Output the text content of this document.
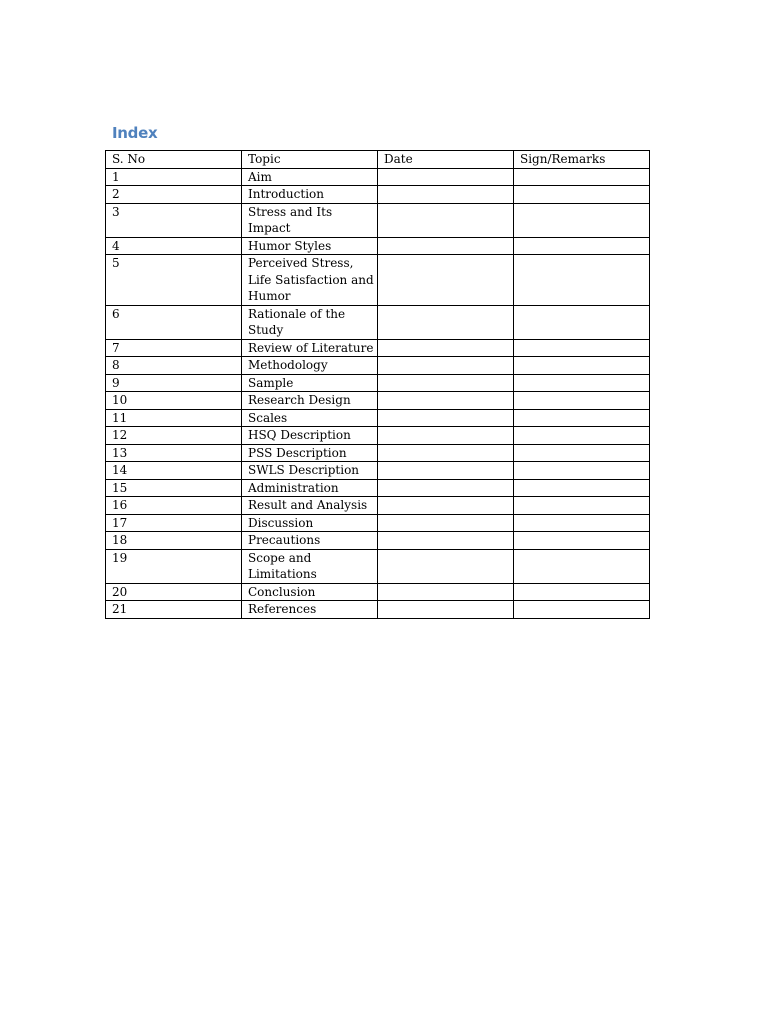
Index
S. No	Topic	Date	Sign/Remarks
1	Aim		
2	Introduction		
3	Stress and Its Impact		
4	Humor Styles		
5	Perceived Stress, Life Satisfaction and Humor		
6	Rationale of the Study		
7	Review of Literature		
8	Methodology		
9	Sample		
10	Research Design		
11	Scales		
12	HSQ Description		
13	PSS Description		
14	SWLS Description		
15	Administration		
16	Result and Analysis		
17	Discussion		
18	Precautions		
19	Scope and Limitations		
20	Conclusion		
21	References		
